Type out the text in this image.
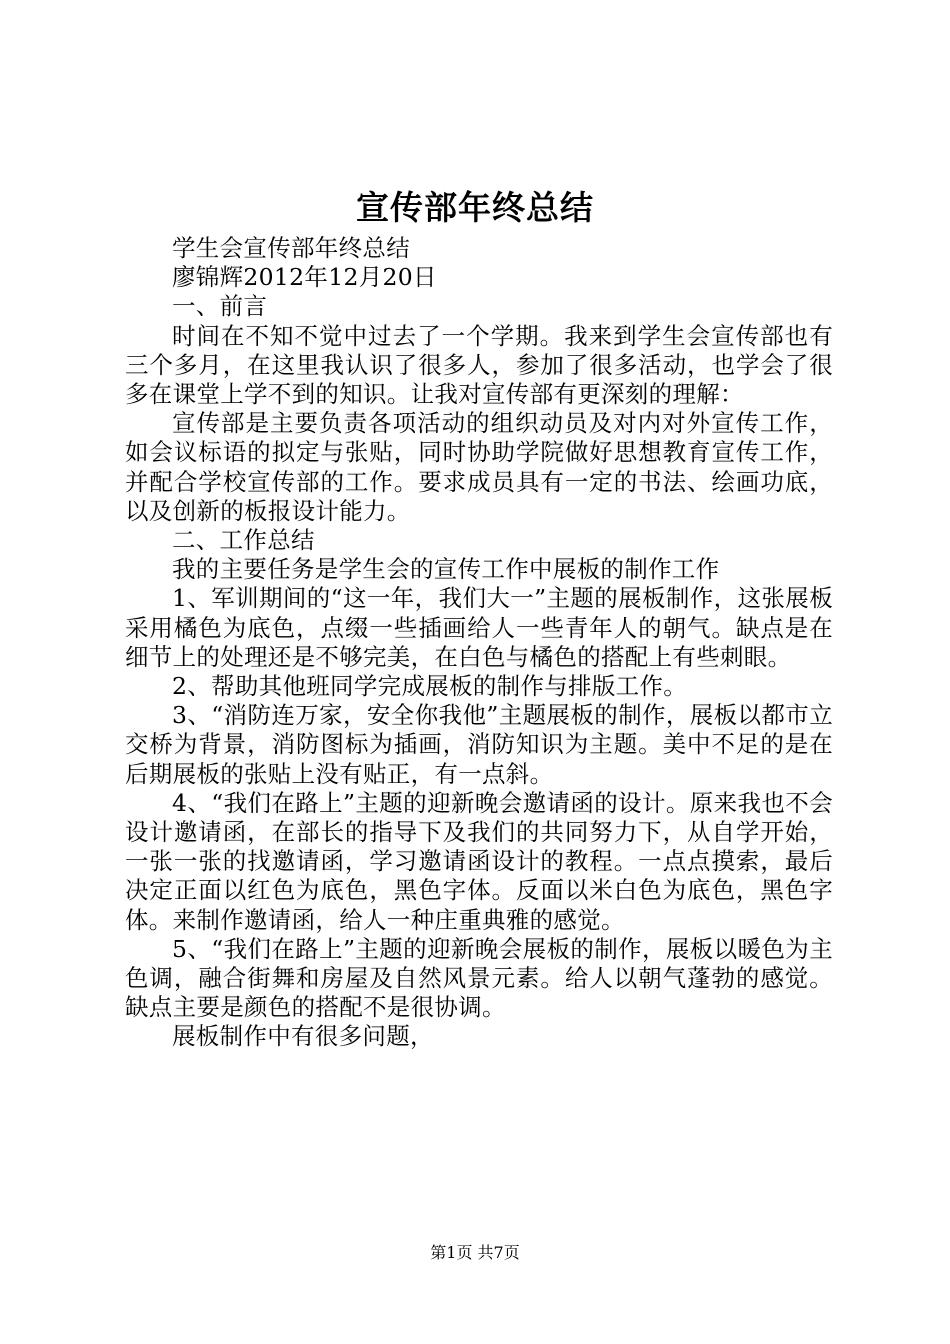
宣传部年终总结

学生会宣传部年终总结

廖锦辉2012年12月20日

一、前言

时间在不知不觉中过去了一个学期。我来到学生会宣传部也有三个多月，在这里我认识了很多人，参加了很多活动，也学会了很多在课堂上学不到的知识。让我对宣传部有更深刻的理解：

宣传部是主要负责各项活动的组织动员及对内对外宣传工作，如会议标语的拟定与张贴，同时协助学院做好思想教育宣传工作，并配合学校宣传部的工作。要求成员具有一定的书法、绘画功底，以及创新的板报设计能力。

二、工作总结

我的主要任务是学生会的宣传工作中展板的制作工作

1、军训期间的“这一年，我们大一”主题的展板制作，这张展板采用橘色为底色，点缀一些插画给人一些青年人的朝气。缺点是在细节上的处理还是不够完美，在白色与橘色的搭配上有些刺眼。

2、帮助其他班同学完成展板的制作与排版工作。

3、“消防连万家，安全你我他”主题展板的制作，展板以都市立交桥为背景，消防图标为插画，消防知识为主题。美中不足的是在后期展板的张贴上没有贴正，有一点斜。

4、“我们在路上”主题的迎新晚会邀请函的设计。原来我也不会设计邀请函，在部长的指导下及我们的共同努力下，从自学开始，一张一张的找邀请函，学习邀请函设计的教程。一点点摸索，最后决定正面以红色为底色，黑色字体。反面以米白色为底色，黑色字体。来制作邀请函，给人一种庄重典雅的感觉。

5、“我们在路上”主题的迎新晚会展板的制作，展板以暖色为主色调，融合街舞和房屋及自然风景元素。给人以朝气蓬勃的感觉。缺点主要是颜色的搭配不是很协调。

展板制作中有很多问题，

第1页 共7页
